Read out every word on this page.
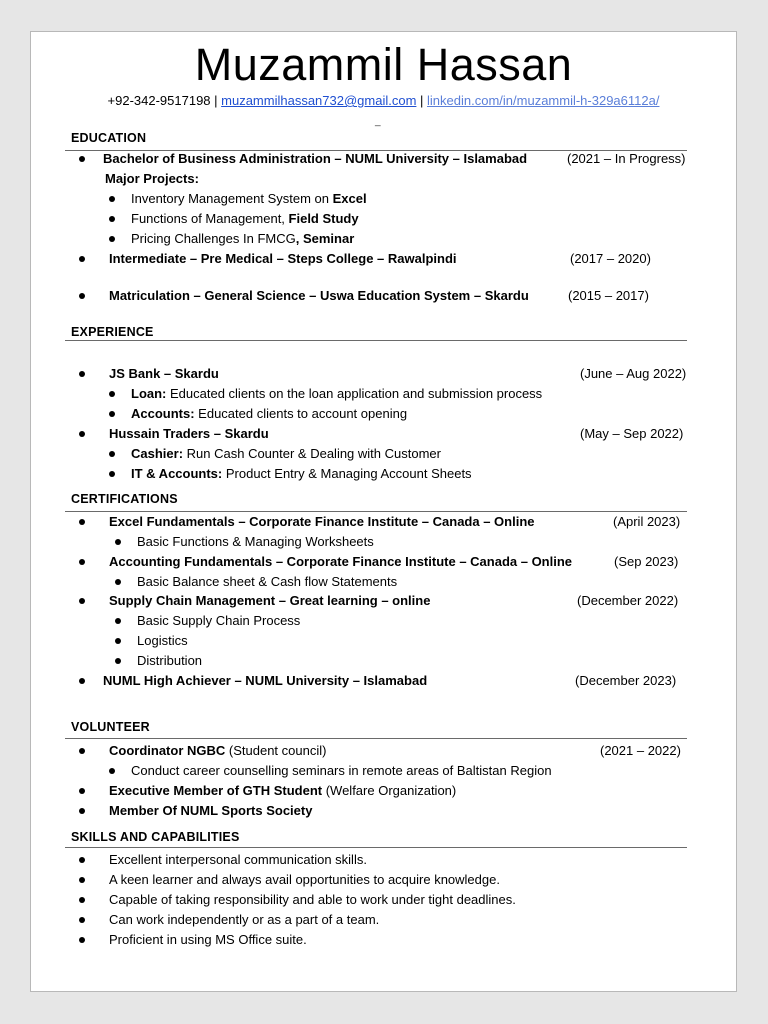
Muzammil Hassan
+92-342-9517198 | muzammilhassan732@gmail.com | linkedin.com/in/muzammil-h-329a6112a/
_
EDUCATION
Bachelor of Business Administration – NUML University – Islamabad	(2021 – In Progress)
Major Projects:
Inventory Management System on Excel
Functions of Management, Field Study
Pricing Challenges In FMCG, Seminar
Intermediate – Pre Medical – Steps College – Rawalpindi	(2017 – 2020)
Matriculation – General Science – Uswa Education System – Skardu	(2015 – 2017)
EXPERIENCE
JS Bank – Skardu	(June – Aug 2022)
Loan: Educated clients on the loan application and submission process
Accounts: Educated clients to account opening
Hussain Traders – Skardu	(May – Sep 2022)
Cashier: Run Cash Counter & Dealing with Customer
IT & Accounts: Product Entry & Managing Account Sheets
CERTIFICATIONS
Excel Fundamentals – Corporate Finance Institute – Canada – Online	(April 2023)
Basic Functions & Managing Worksheets
Accounting Fundamentals – Corporate Finance Institute – Canada – Online	(Sep 2023)
Basic Balance sheet & Cash flow Statements
Supply Chain Management – Great learning – online	(December 2022)
Basic Supply Chain Process
Logistics
Distribution
NUML High Achiever – NUML University – Islamabad	(December 2023)
VOLUNTEER
Coordinator NGBC (Student council)	(2021 – 2022)
Conduct career counselling seminars in remote areas of Baltistan Region
Executive Member of GTH Student (Welfare Organization)
Member Of NUML Sports Society
SKILLS AND CAPABILITIES
Excellent interpersonal communication skills.
A keen learner and always avail opportunities to acquire knowledge.
Capable of taking responsibility and able to work under tight deadlines.
Can work independently or as a part of a team.
Proficient in using MS Office suite.
